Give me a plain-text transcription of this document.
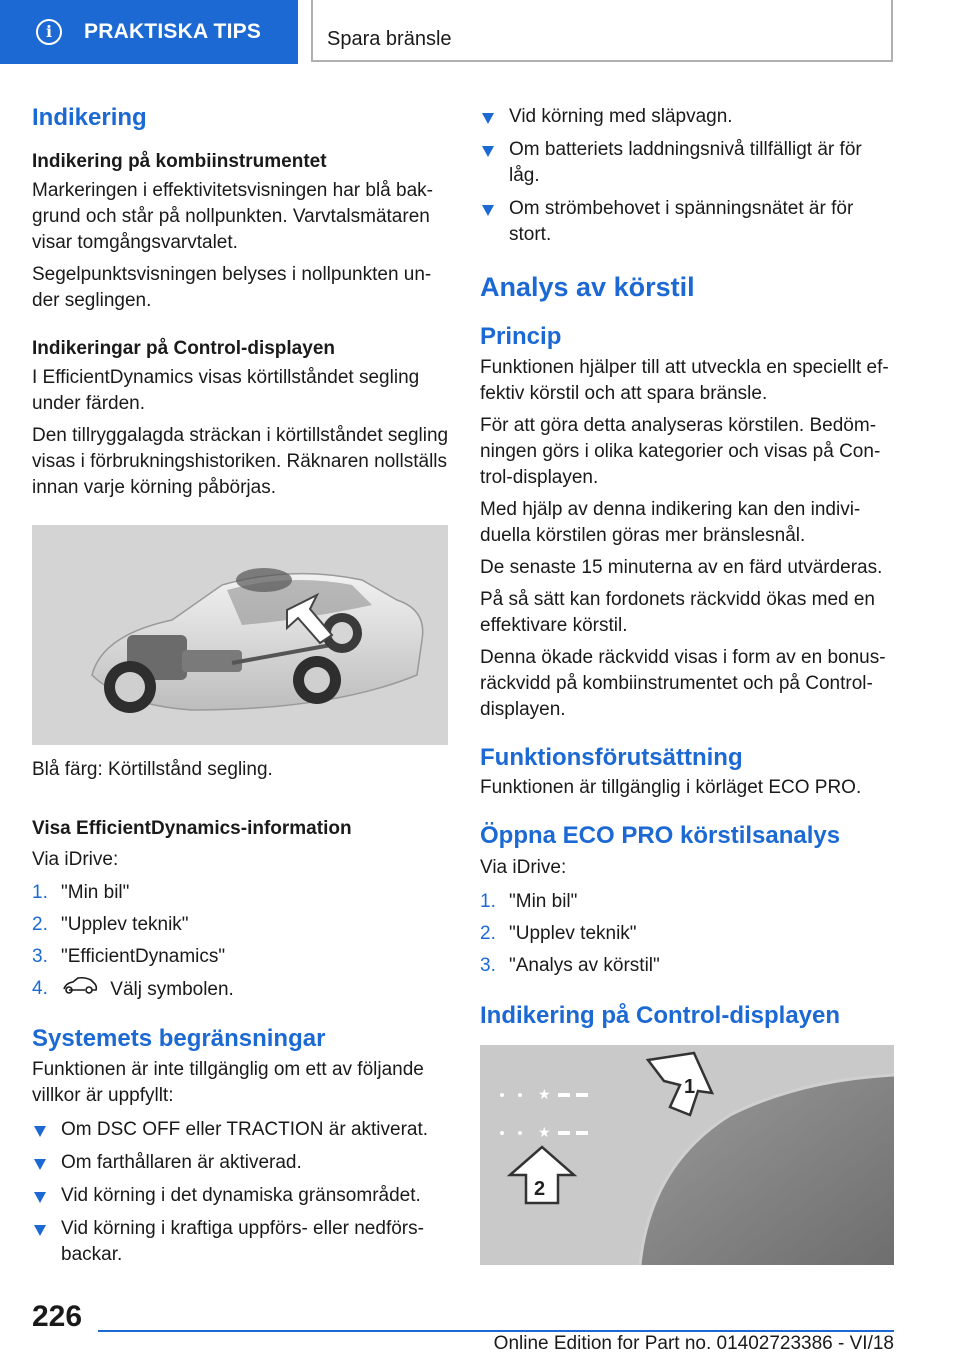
i	PRAKTISKA TIPS	Spara bränsle
Indikering
Indikering på kombiinstrumentet

Markeringen i effektivitetsvisningen har blå bak‐ grund och står på nollpunkten. Varvtalsmätaren visar tomgångsvarvtalet.

Segelpunktsvisningen belyses i nollpunkten un‐ der seglingen.

Indikeringar på Control-displayen

I EfficientDynamics visas körtillståndet segling under färden.

Den tillryggalagda sträckan i körtillståndet segling visas i förbrukningshistoriken. Räknaren nollställs innan varje körning påbörjas.

Blå färg: Körtillstånd segling.

Visa EfficientDynamics-information

Via iDrive:

1. "Min bil"
2. "Upplev teknik"
3. "EfficientDynamics"
4.	Välj symbolen.
Systemets begränsningar

Funktionen är inte tillgänglig om ett av följande villkor är uppfyllt:

Om DSC OFF eller TRACTION är aktiverat.
Om farthållaren är aktiverad.
Vid körning i det dynamiska gränsområdet.
Vid körning i kraftiga uppförs- eller nedförs‐ backar.
Vid körning med släpvagn.
Om batteriets laddningsnivå tillfälligt är för låg.
Om strömbehovet i spänningsnätet är för stort.
Analys av körstil
Princip

Funktionen hjälper till att utveckla en speciellt ef‐ fektiv körstil och att spara bränsle.

För att göra detta analyseras körstilen. Bedöm‐ ningen görs i olika kategorier och visas på Con‐ trol-displayen.

Med hjälp av denna indikering kan den indivi‐ duella körstilen göras mer bränslesnål.

De senaste 15 minuterna av en färd utvärderas.

På så sätt kan fordonets räckvidd ökas med en effektivare körstil.

Denna ökade räckvidd visas i form av en bonus‐ räckvidd på kombiinstrumentet och på Control- displayen.

Funktionsförutsättning

Funktionen är tillgänglig i körläget ECO PRO.

Öppna ECO PRO körstilsanalys

Via iDrive:

1. "Min bil"
2. "Upplev teknik"
3. "Analys av körstil"
Indikering på Control-displayen
★
★
1
2
226
Online Edition for Part no. 01402723386 - VI/18
